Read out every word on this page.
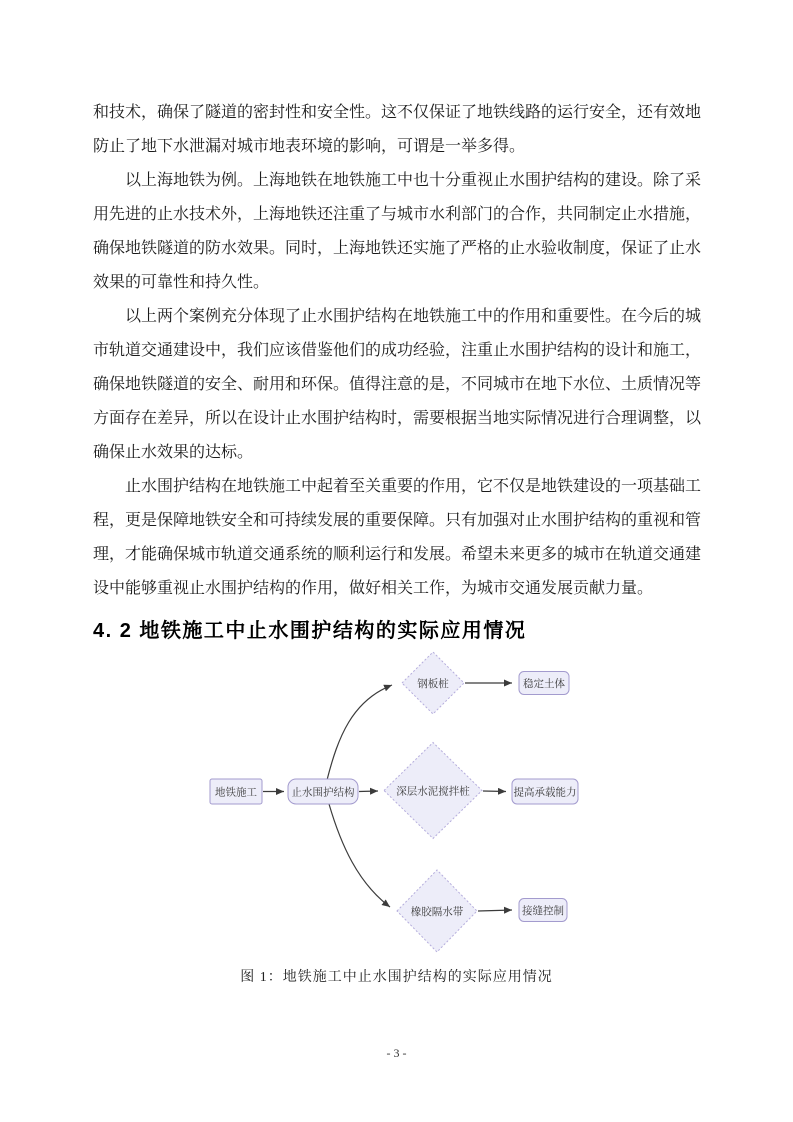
和技术，确保了隧道的密封性和安全性。这不仅保证了地铁线路的运行安全，还有效地防止了地下水泄漏对城市地表环境的影响，可谓是一举多得。

以上海地铁为例。上海地铁在地铁施工中也十分重视止水围护结构的建设。除了采用先进的止水技术外，上海地铁还注重了与城市水利部门的合作，共同制定止水措施，确保地铁隧道的防水效果。同时，上海地铁还实施了严格的止水验收制度，保证了止水效果的可靠性和持久性。

以上两个案例充分体现了止水围护结构在地铁施工中的作用和重要性。在今后的城市轨道交通建设中，我们应该借鉴他们的成功经验，注重止水围护结构的设计和施工，确保地铁隧道的安全、耐用和环保。值得注意的是，不同城市在地下水位、土质情况等方面存在差异，所以在设计止水围护结构时，需要根据当地实际情况进行合理调整，以确保止水效果的达标。

止水围护结构在地铁施工中起着至关重要的作用，它不仅是地铁建设的一项基础工程，更是保障地铁安全和可持续发展的重要保障。只有加强对止水围护结构的重视和管理，才能确保城市轨道交通系统的顺利运行和发展。希望未来更多的城市在轨道交通建设中能够重视止水围护结构的作用，做好相关工作，为城市交通发展贡献力量。

4. 2 地铁施工中止水围护结构的实际应用情况
地铁施工	止水围护结构
钢板桩
深层水泥搅拌桩
橡胶隔水带
稳定土体
提高承载能力
接缝控制
图 1：地铁施工中止水围护结构的实际应用情况
- 3 -
